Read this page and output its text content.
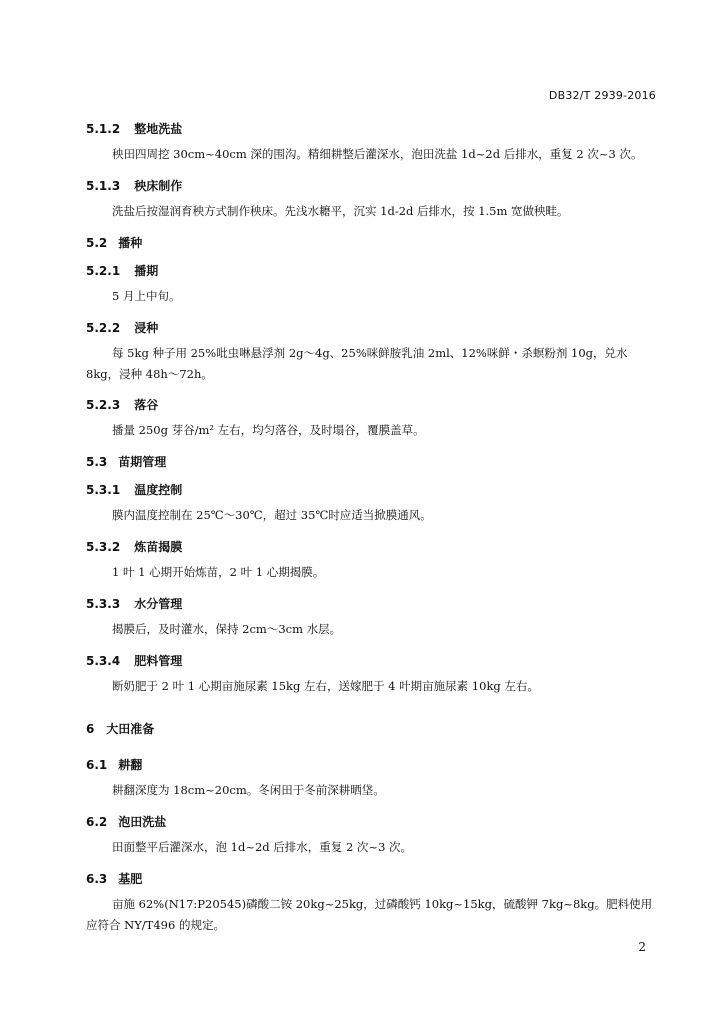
DB32/T 2939-2016
5.1.2 整地洗盐
秧田四周挖 30cm~40cm 深的围沟。精细耕整后灌深水，泡田洗盐 1d~2d 后排水，重复 2 次~3 次。
5.1.3 秧床制作
洗盐后按湿润育秧方式制作秧床。先浅水耱平，沉实 1d-2d 后排水，按 1.5m 宽做秧畦。
5.2 播种
5.2.1 播期
5 月上中旬。
5.2.2 浸种
每 5kg 种子用 25%吡虫啉悬浮剂 2g～4g、25%咪鲜胺乳油 2ml、12%咪鲜・杀螟粉剂 10g，兑水 8kg，浸种 48h～72h。
5.2.3 落谷
播量 250g 芽谷/m² 左右，均匀落谷，及时塌谷，覆膜盖草。
5.3 苗期管理
5.3.1 温度控制
膜内温度控制在 25℃～30℃，超过 35℃时应适当掀膜通风。
5.3.2 炼苗揭膜
1 叶 1 心期开始炼苗，2 叶 1 心期揭膜。
5.3.3 水分管理
揭膜后，及时灌水，保持 2cm～3cm 水层。
5.3.4 肥料管理
断奶肥于 2 叶 1 心期亩施尿素 15kg 左右，送嫁肥于 4 叶期亩施尿素 10kg 左右。
6 大田准备
6.1 耕翻
耕翻深度为 18cm~20cm。冬闲田于冬前深耕晒垡。
6.2 泡田洗盐
田面整平后灌深水，泡 1d~2d 后排水，重复 2 次~3 次。
6.3 基肥
亩施 62%(N17:P20545)磷酸二铵 20kg~25kg，过磷酸钙 10kg~15kg，硫酸钾 7kg~8kg。肥料使用应符合 NY/T496 的规定。
2
